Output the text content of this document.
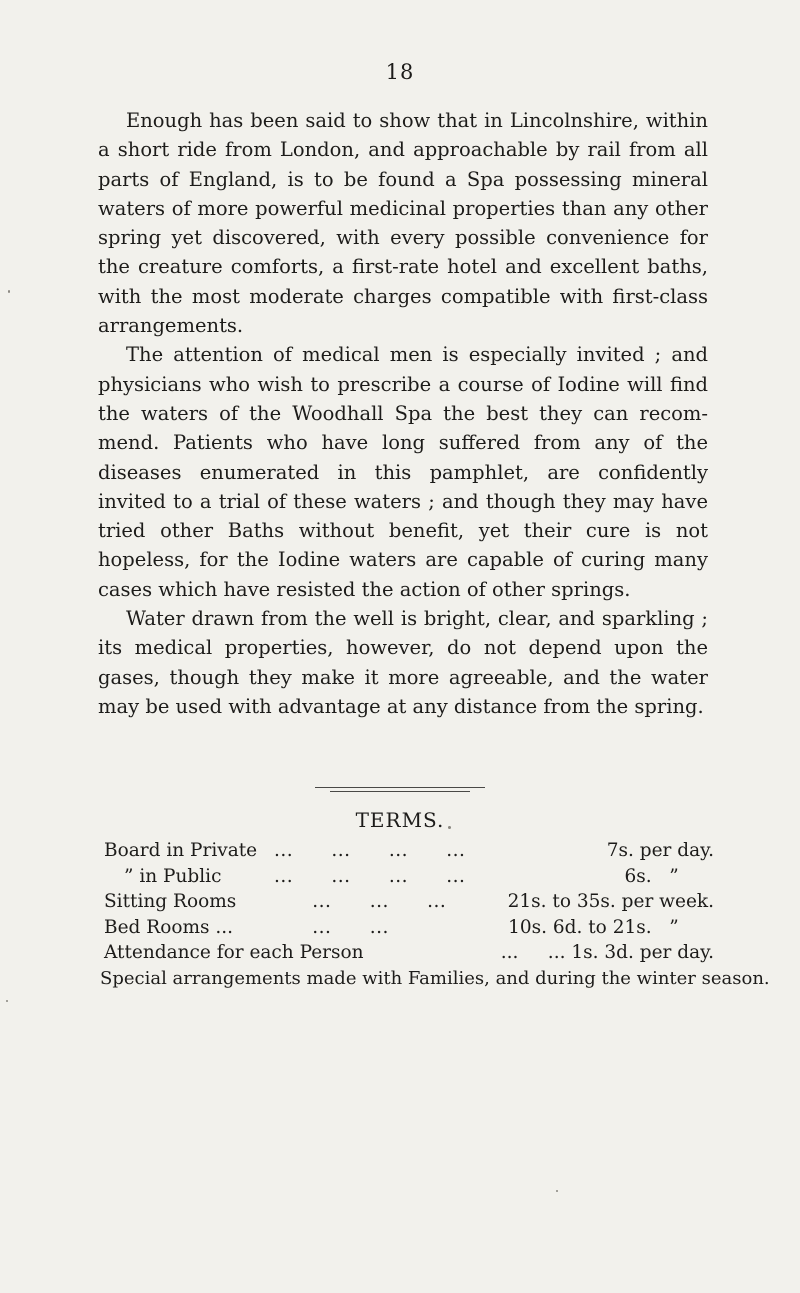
18

Enough has been said to show that in Lincolnshire, within a short ride from London, and approachable by rail from all parts of England, is to be found a Spa possessing mineral waters of more powerful medicinal properties than any other spring yet discovered, with every possible convenience for the creature comforts, a first-rate hotel and excellent baths, with the most moderate charges compatible with first-class arrangements.

The attention of medical men is especially invited ; and physicians who wish to prescribe a course of Iodine will find the waters of the Woodhall Spa the best they can recommend. Patients who have long suffered from any of the diseases enumerated in this pamphlet, are confidently invited to a trial of these waters ; and though they may have tried other Baths without benefit, yet their cure is not hopeless, for the Iodine waters are capable of curing many cases which have resisted the action of other springs.

Water drawn from the well is bright, clear, and sparkling ; its medical properties, however, do not depend upon the gases, though they make it more agreeable, and the water may be used with advantage at any distance from the spring.

TERMS.
Board in Private ...      ...      ...      ...	7s. per day.
” in Public	...      ...      ...      ...	6s.   ”
Sitting Rooms ...      ...      ...	21s. to 35s. per week.
Bed Rooms ... ...      ...	10s. 6d. to 21s.   ”
Attendance for each Person	...     ... 1s. 3d. per day.
Special arrangements made with Families, and during the winter season.
